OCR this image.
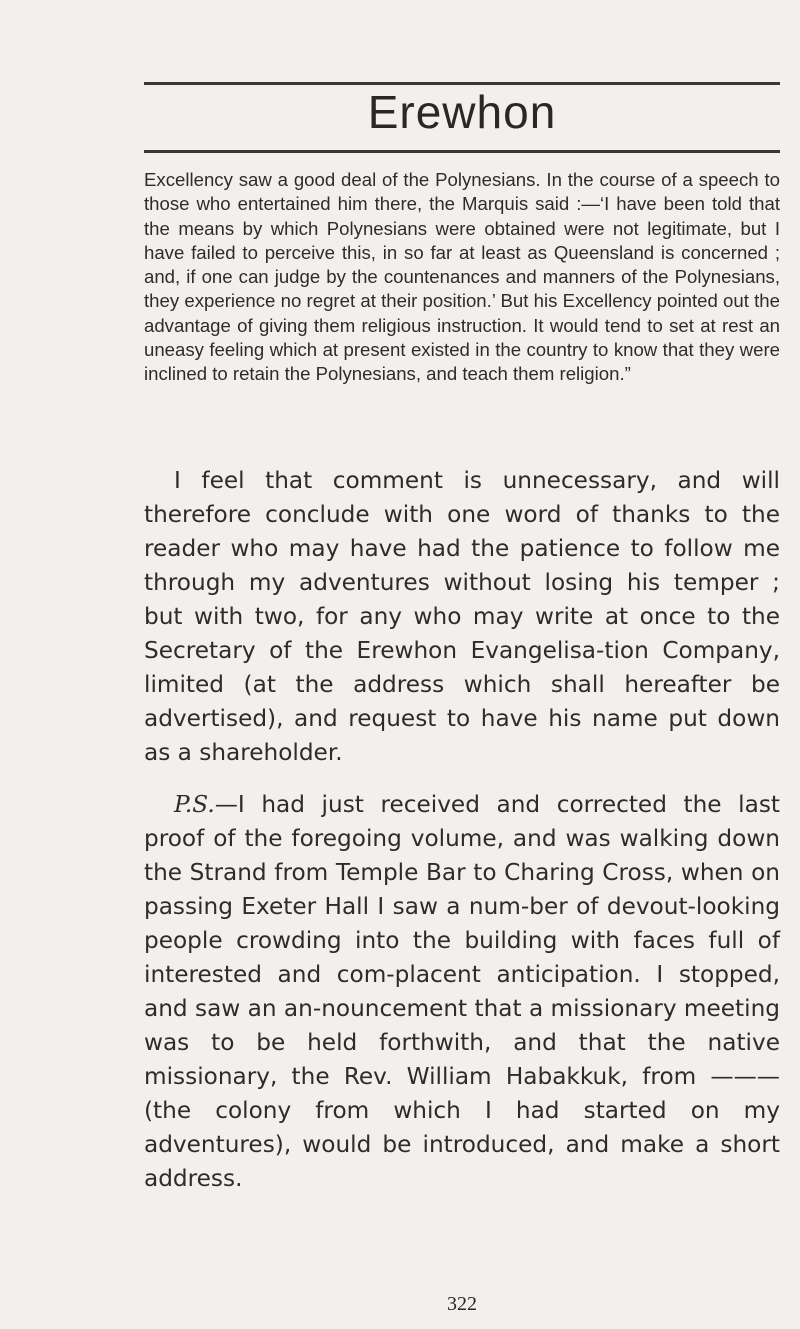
Erewhon

Excellency saw a good deal of the Polynesians. In the course of a speech to those who entertained him there, the Marquis said :—‘I have been told that the means by which Polynesians were obtained were not legitimate, but I have failed to perceive this, in so far at least as Queensland is concerned ; and, if one can judge by the countenances and manners of the Polynesians, they experience no regret at their position.’ But his Excellency pointed out the advantage of giving them religious instruction. It would tend to set at rest an uneasy feeling which at present existed in the country to know that they were inclined to retain the Polynesians, and teach them religion.”

I feel that comment is unnecessary, and will therefore conclude with one word of thanks to the reader who may have had the patience to follow me through my adventures without losing his temper ; but with two, for any who may write at once to the Secretary of the Erewhon Evangelisa-tion Company, limited (at the address which shall hereafter be advertised), and request to have his name put down as a shareholder.

P.S.—I had just received and corrected the last proof of the foregoing volume, and was walking down the Strand from Temple Bar to Charing Cross, when on passing Exeter Hall I saw a num-ber of devout-looking people crowding into the building with faces full of interested and com-placent anticipation. I stopped, and saw an an-nouncement that a missionary meeting was to be held forthwith, and that the native missionary, the Rev. William Habakkuk, from ——— (the colony from which I had started on my adventures), would be introduced, and make a short address.

322
